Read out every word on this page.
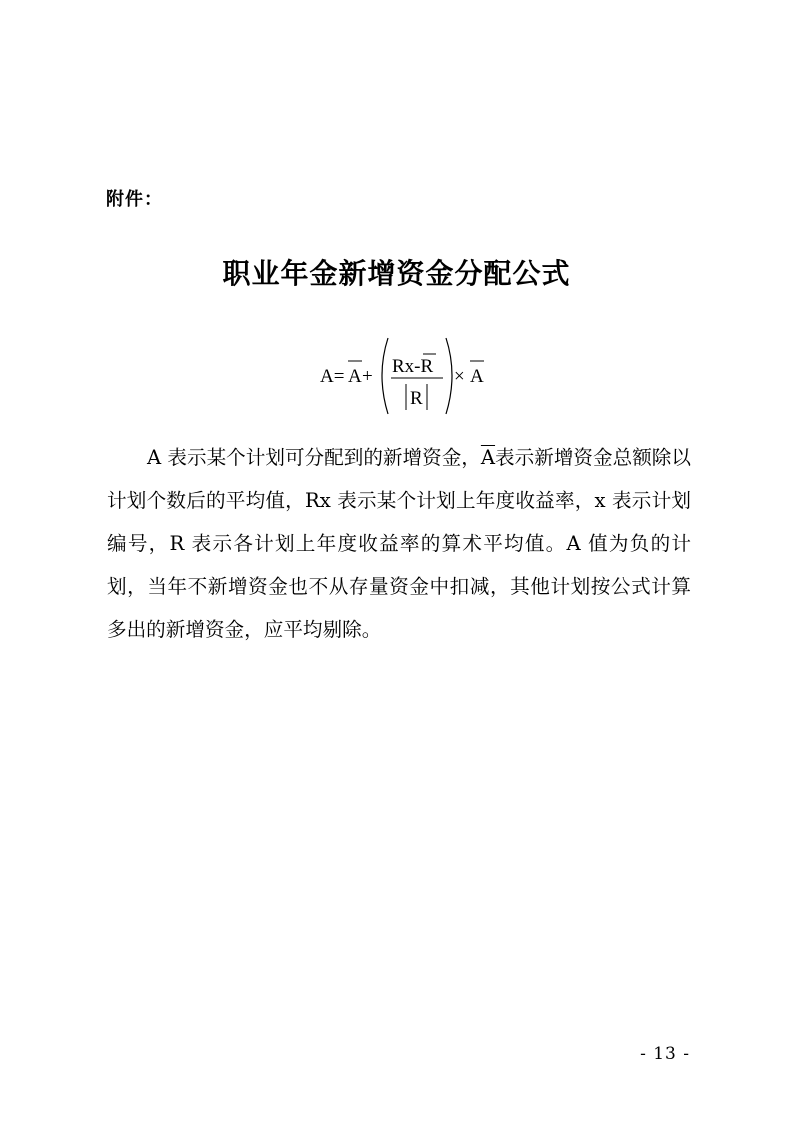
附件：
职业年金新增资金分配公式
A= A + Rx-R
R
× A

A 表示某个计划可分配到的新增资金，$\overline{A}$表示新增资金总额除以计划个数后的平均值，Rx 表示某个计划上年度收益率，x 表示计划编号，R 表示各计划上年度收益率的算术平均值。A 值为负的计划，当年不新增资金也不从存量资金中扣减，其他计划按公式计算多出的新增资金，应平均剔除。

- 13 -
